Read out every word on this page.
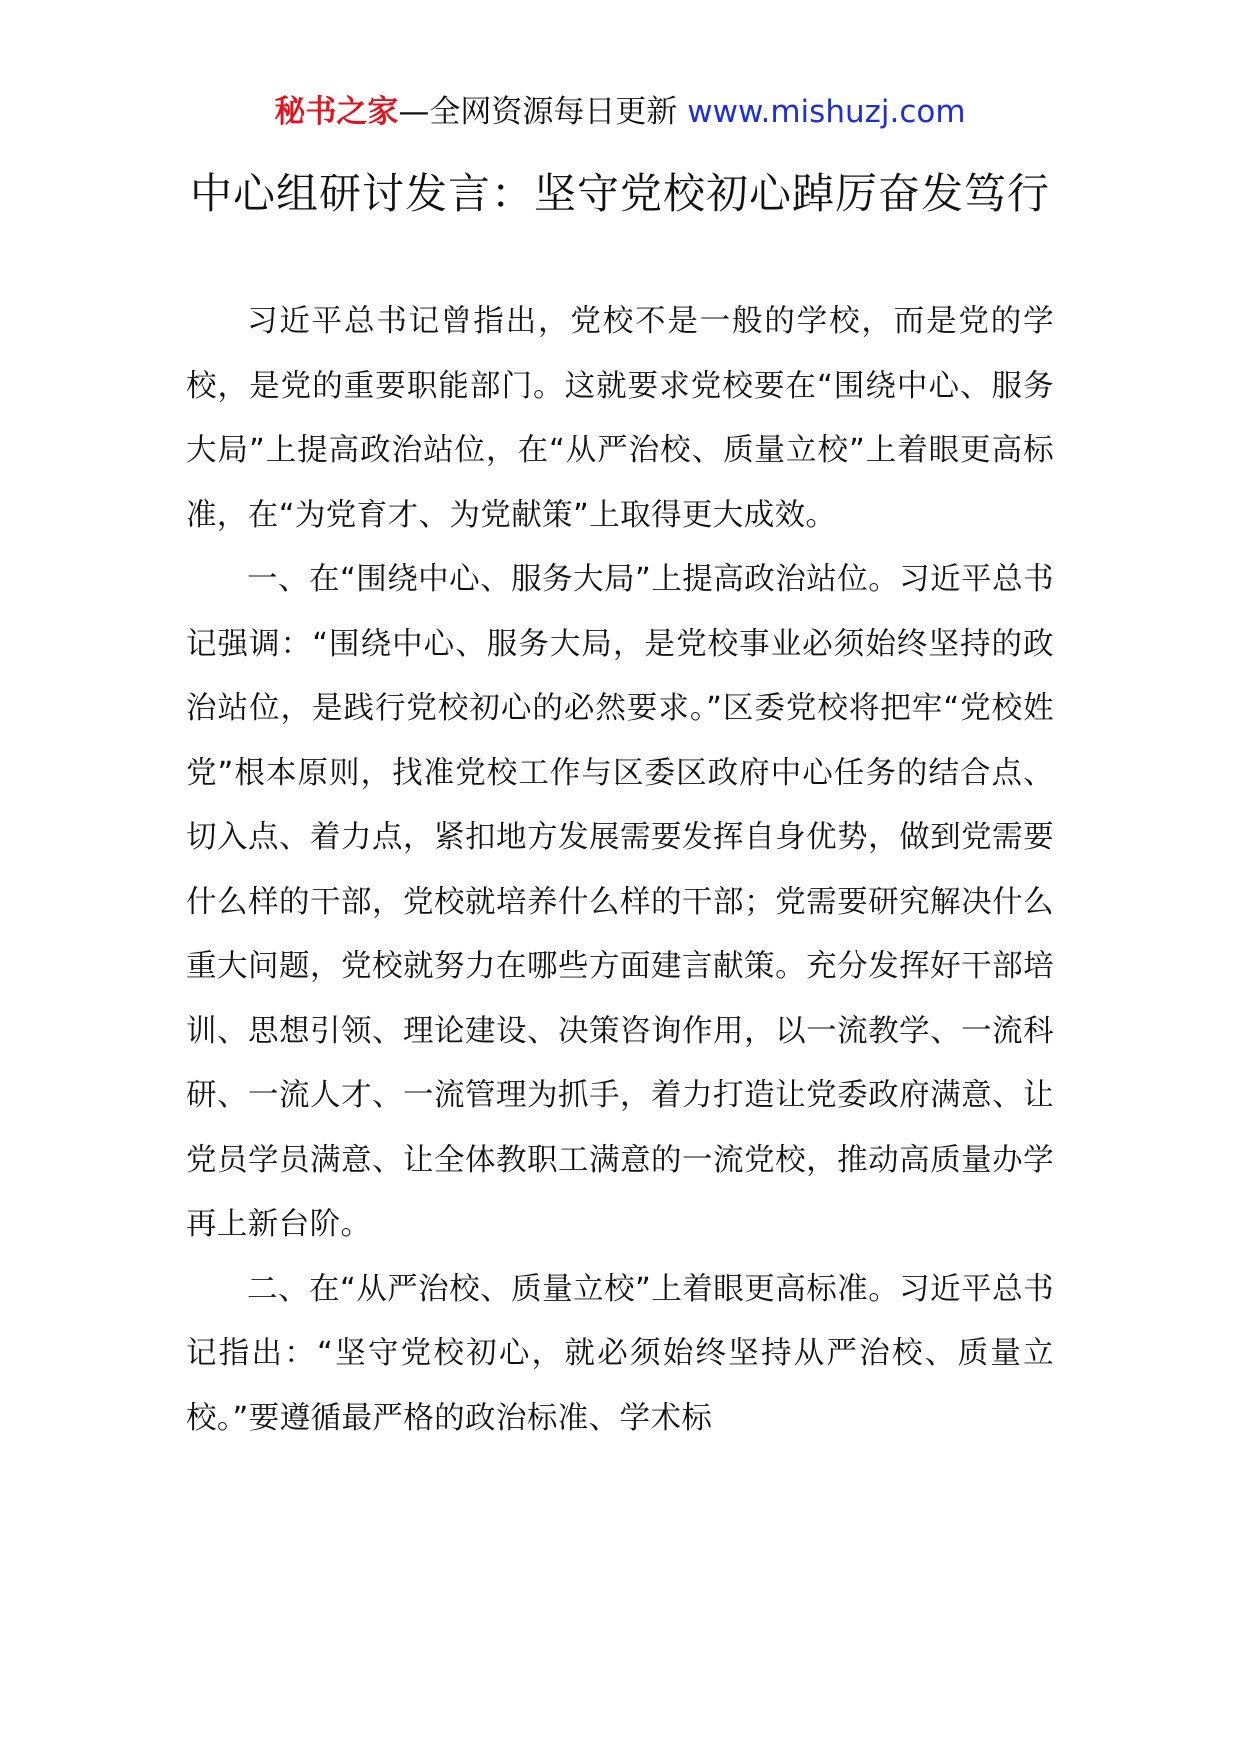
秘书之家—全网资源每日更新 www.mishuzj.com
中心组研讨发言：坚守党校初心踔厉奋发笃行

习近平总书记曾指出，党校不是一般的学校，而是党的学校，是党的重要职能部门。这就要求党校要在“围绕中心、服务大局”上提高政治站位，在“从严治校、质量立校”上着眼更高标准，在“为党育才、为党献策”上取得更大成效。

一、在“围绕中心、服务大局”上提高政治站位。习近平总书记强调：“围绕中心、服务大局，是党校事业必须始终坚持的政治站位，是践行党校初心的必然要求。”区委党校将把牢“党校姓党”根本原则，找准党校工作与区委区政府中心任务的结合点、切入点、着力点，紧扣地方发展需要发挥自身优势，做到党需要什么样的干部，党校就培养什么样的干部；党需要研究解决什么重大问题，党校就努力在哪些方面建言献策。充分发挥好干部培训、思想引领、理论建设、决策咨询作用，以一流教学、一流科研、一流人才、一流管理为抓手，着力打造让党委政府满意、让党员学员满意、让全体教职工满意的一流党校，推动高质量办学再上新台阶。

二、在“从严治校、质量立校”上着眼更高标准。习近平总书记指出：“坚守党校初心，就必须始终坚持从严治校、质量立校。”要遵循最严格的政治标准、学术标
